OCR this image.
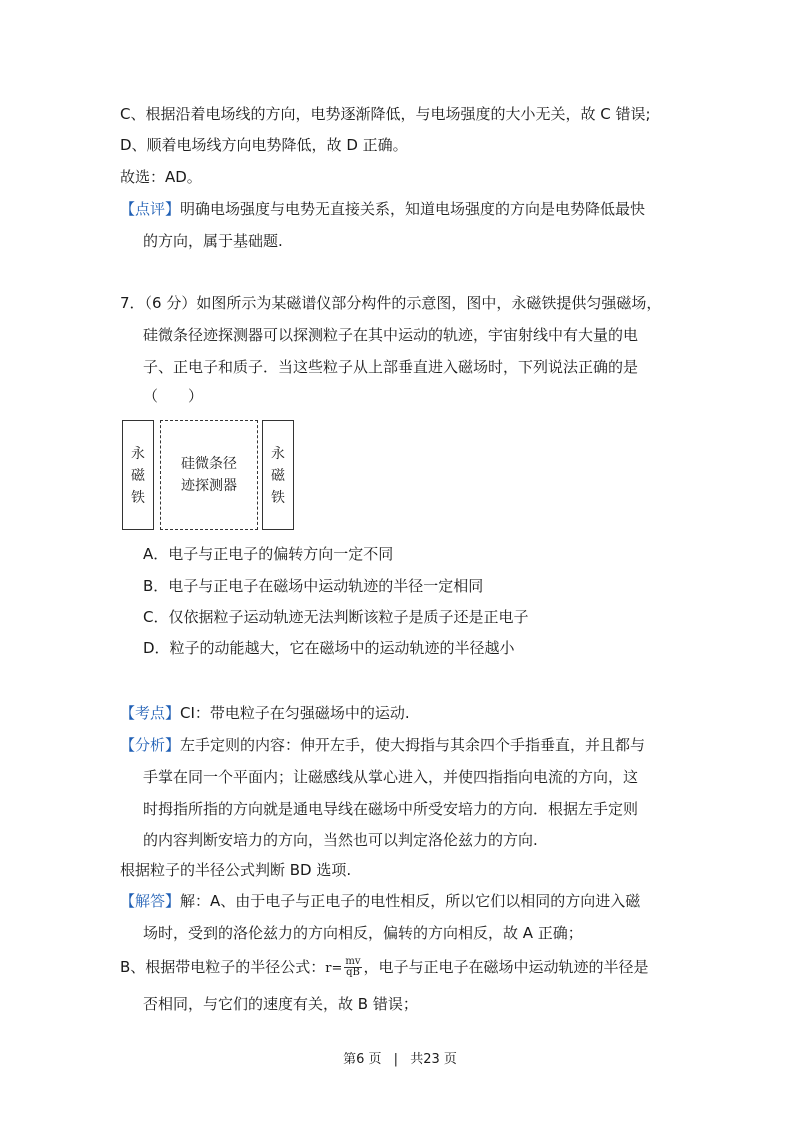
C、根据沿着电场线的方向，电势逐渐降低，与电场强度的大小无关，故 C 错误;
D、顺着电场线方向电势降低，故 D 正确。
故选：AD。
【点评】明确电场强度与电势无直接关系，知道电场强度的方向是电势降低最快
的方向，属于基础题.
7．（6 分）如图所示为某磁谱仪部分构件的示意图，图中，永磁铁提供匀强磁场，
硅微条径迹探测器可以探测粒子在其中运动的轨迹，宇宙射线中有大量的电
子、正电子和质子．当这些粒子从上部垂直进入磁场时，下列说法正确的是
（　　）
永
磁
铁
硅微条径
迹探测器
永
磁
铁
A．电子与正电子的偏转方向一定不同
B．电子与正电子在磁场中运动轨迹的半径一定相同
C．仅依据粒子运动轨迹无法判断该粒子是质子还是正电子
D．粒子的动能越大，它在磁场中的运动轨迹的半径越小
【考点】CI：带电粒子在匀强磁场中的运动.
【分析】左手定则的内容：伸开左手，使大拇指与其余四个手指垂直，并且都与
手掌在同一个平面内；让磁感线从掌心进入，并使四指指向电流的方向，这
时拇指所指的方向就是通电导线在磁场中所受安培力的方向．根据左手定则
的内容判断安培力的方向，当然也可以判定洛伦兹力的方向.
根据粒子的半径公式判断 BD 选项.
【解答】解：A、由于电子与正电子的电性相反，所以它们以相同的方向进入磁
场时，受到的洛伦兹力的方向相反，偏转的方向相反，故 A 正确；
B、根据带电粒子的半径公式：$r= \frac{mv}{qB}$ ，电子与正电子在磁场中运动轨迹的半径是
否相同，与它们的速度有关，故 B 错误；
第6 页 | 共23 页
